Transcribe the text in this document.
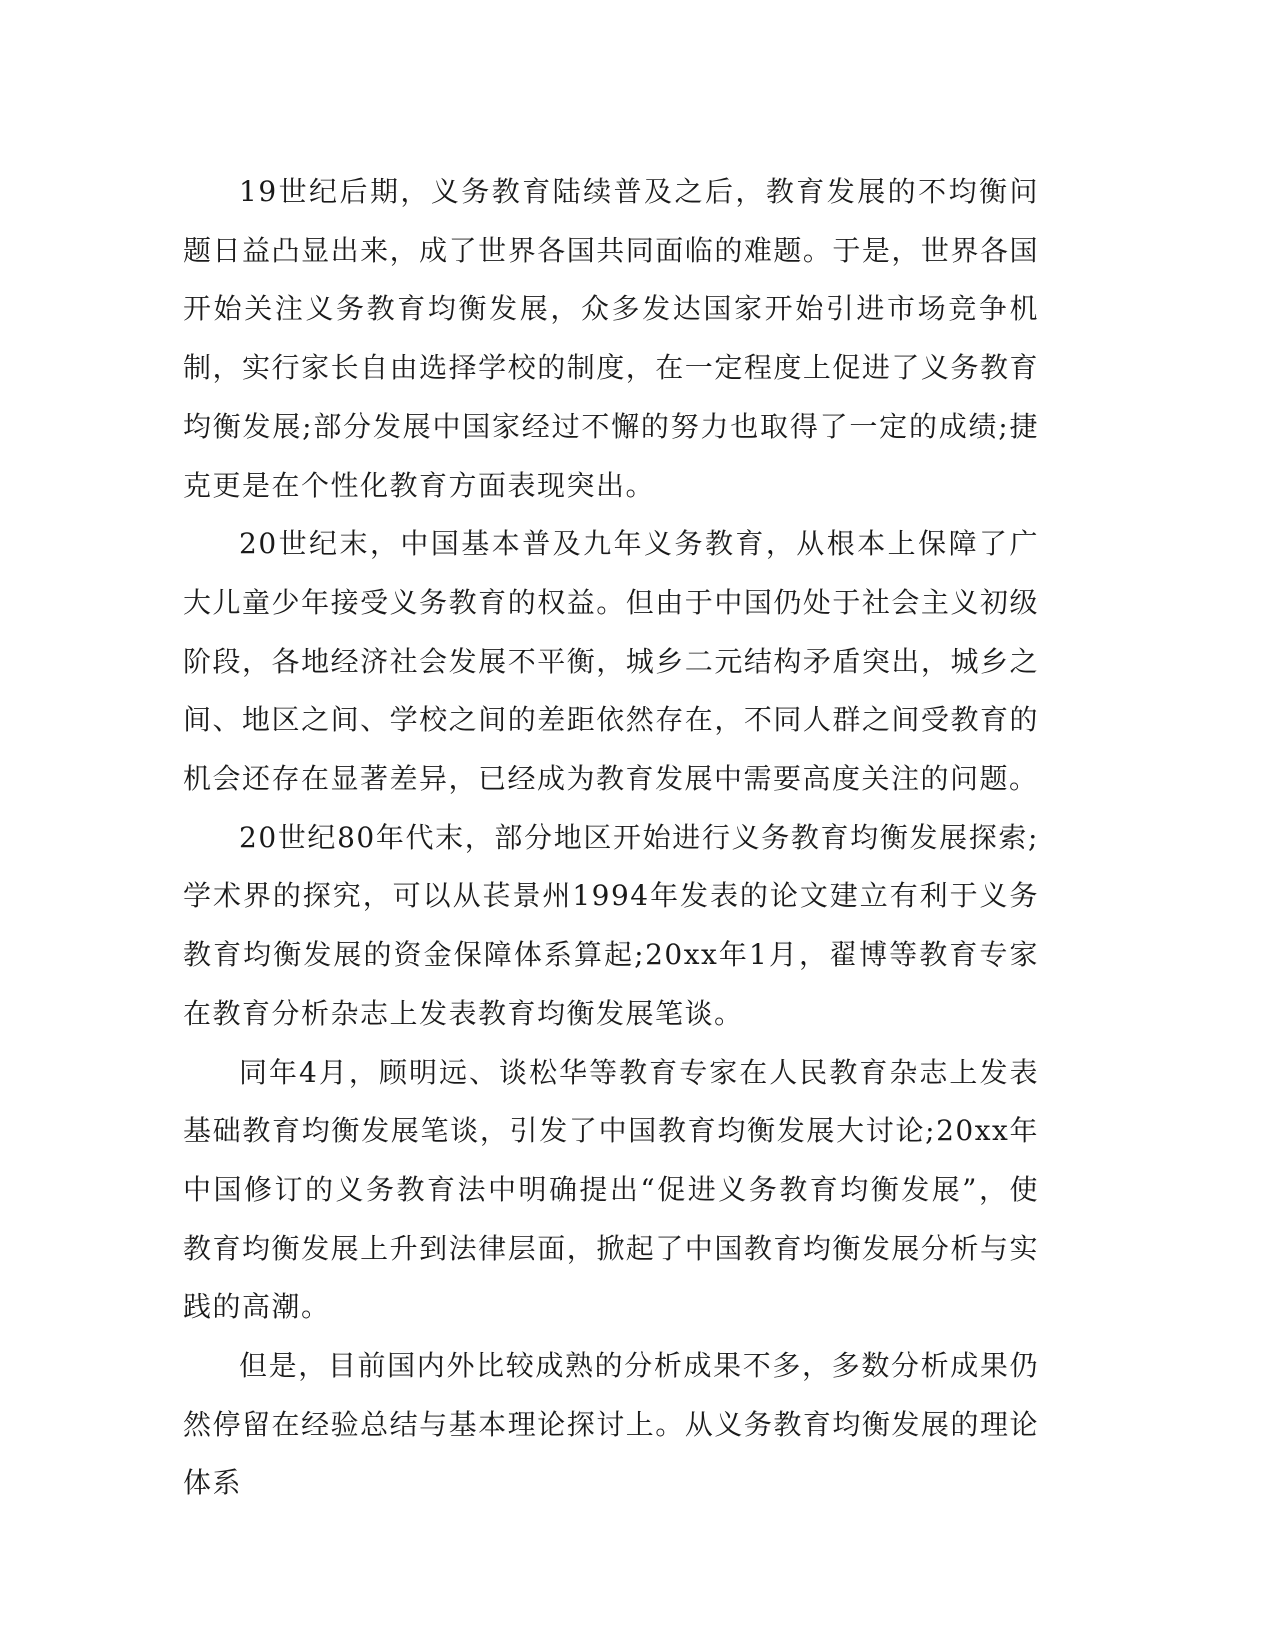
19世纪后期，义务教育陆续普及之后，教育发展的不均衡问题日益凸显出来，成了世界各国共同面临的难题。于是，世界各国开始关注义务教育均衡发展，众多发达国家开始引进市场竞争机制，实行家长自由选择学校的制度，在一定程度上促进了义务教育均衡发展;部分发展中国家经过不懈的努力也取得了一定的成绩;捷克更是在个性化教育方面表现突出。

20世纪末，中国基本普及九年义务教育，从根本上保障了广大儿童少年接受义务教育的权益。但由于中国仍处于社会主义初级阶段，各地经济社会发展不平衡，城乡二元结构矛盾突出，城乡之间、地区之间、学校之间的差距依然存在，不同人群之间受教育的机会还存在显著差异，已经成为教育发展中需要高度关注的问题。

20世纪80年代末，部分地区开始进行义务教育均衡发展探索;学术界的探究，可以从苌景州1994年发表的论文建立有利于义务教育均衡发展的资金保障体系算起;20xx年1月，翟博等教育专家在教育分析杂志上发表教育均衡发展笔谈。

同年4月，顾明远、谈松华等教育专家在人民教育杂志上发表基础教育均衡发展笔谈，引发了中国教育均衡发展大讨论;20xx年中国修订的义务教育法中明确提出“促进义务教育均衡发展”，使教育均衡发展上升到法律层面，掀起了中国教育均衡发展分析与实践的高潮。

但是，目前国内外比较成熟的分析成果不多，多数分析成果仍然停留在经验总结与基本理论探讨上。从义务教育均衡发展的理论体系
